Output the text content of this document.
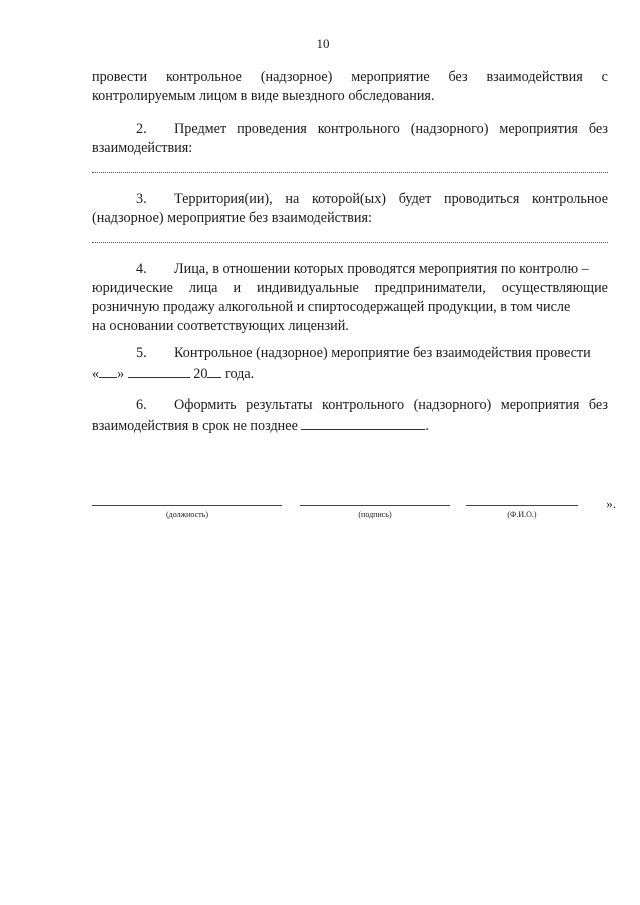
10
провести контрольное (надзорное) мероприятие без взаимодействия с
контролируемым лицом в виде выездного обследования.
2. Предмет проведения контрольного (надзорного) мероприятия без
взаимодействия:
3. Территория(ии), на которой(ых) будет проводиться контрольное
(надзорное) мероприятие без взаимодействия:
4. Лица, в отношении которых проводятся мероприятия по контролю –
юридические лица и индивидуальные предприниматели, осуществляющие
розничную продажу алкогольной и спиртосодержащей продукции, в том числе
на основании соответствующих лицензий.
5. Контрольное (надзорное) мероприятие без взаимодействия провести
« »	20 года.
6. Оформить результаты контрольного (надзорного) мероприятия без
взаимодействия в срок не позднее	.
(должность)	(подпись)	(Ф.И.О.)
».
